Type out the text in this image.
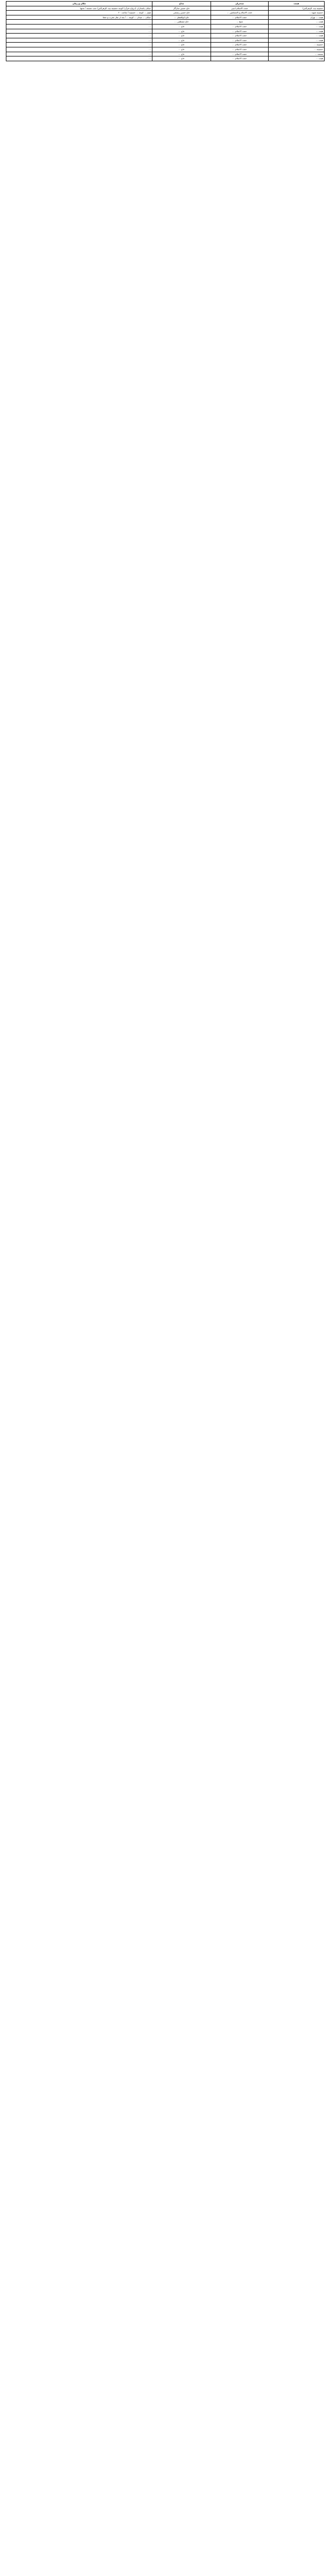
هیئت	سخنران	مداح	مکان و زمان
حسینیه بیت الزهرا(س)	حجت الاسلام ادیبی	حاج حسین سازگار	خیابان پاسداران (دروازه قرآن) کوچه حسینیه بیت الزهرا(س) جنب مسجد / شبها
حسینیه شهید ...	حجت الاسلام و المسلمین ...	حاج حسین رستمی	بلوار ... کوچه ... حسینیه / ساعت ۲۰
هیئت ... تهران	حجت الاسلام ...	حاج ابوالفضل ...	خیابان ... میدان ... کوچه ... / بعد از نماز مغرب و عشا
هیئت ...	شیخ ...	حاج مصطفی ...	...
هیئت ...	حجت الاسلام ...	حاج ...	...
هیئت ...	حجت الاسلام ...	حاج ...	...
هیئت ...	حجت الاسلام ...	حاج ...	...
هیئت ...	حجت الاسلام ...	حاج ...	...
حسینیه ...	حجت الاسلام ...	حاج ...	...
حسینیه ...	حجت الاسلام ...	حاج ...	...
مسجد ...	حجت الاسلام ...	حاج ...	...
هیئت ...	حجت الاسلام ...	حاج ...	...
